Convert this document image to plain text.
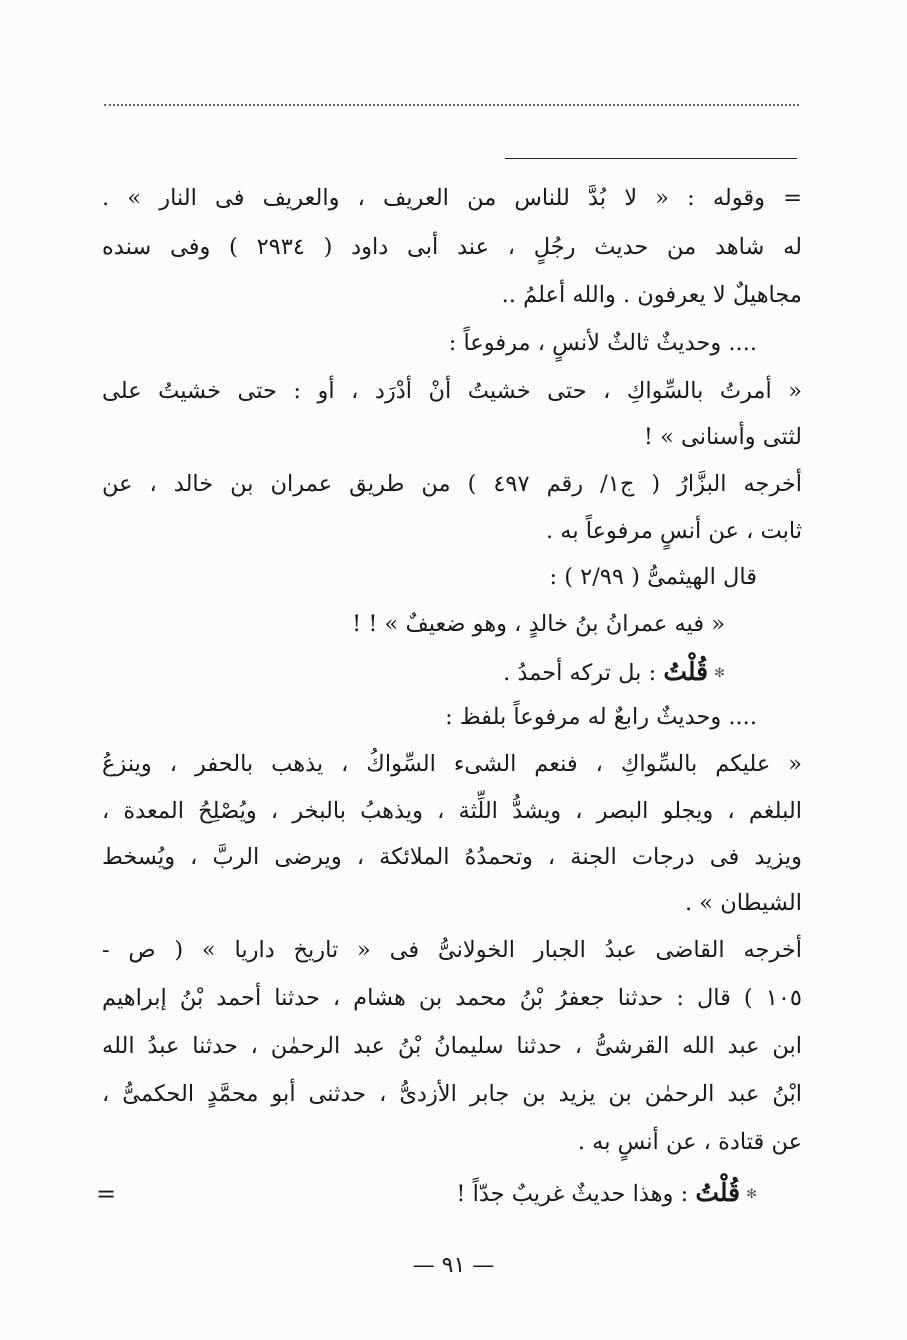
= وقوله : « لا بُدَّ للناس من العريف ، والعريف فى النار » .
له شاهد من حديث رجُلٍ ، عند أبى داود ( ٢٩٣٤ ) وفى سنده
مجاهيلٌ لا يعرفون . والله أعلمُ ..
.... وحديثٌ ثالثٌ لأنسٍ ، مرفوعاً :
« أمرتُ بالسِّواكِ ، حتى خشيتُ أنْ أدْرَد ، أو : حتى خشيتُ على
لثتى وأسنانى » !
أخرجه البزَّارُ ( ج١/ رقم ٤٩٧ ) من طريق عمران بن خالد ، عن
ثابت ، عن أنسٍ مرفوعاً به .
قال الهيثمىُّ ( ٢/٩٩ ) :
« فيه عمرانُ بنُ خالدٍ ، وهو ضعيفٌ » ! !
✻قُلْتُ : بل تركه أحمدُ .
.... وحديثٌ رابعٌ له مرفوعاً بلفظ :
« عليكم بالسِّواكِ ، فنعم الشىء السِّواكُ ، يذهب بالحفر ، وينزعُ
البلغم ، ويجلو البصر ، ويشدُّ اللِّثة ، ويذهبُ بالبخر ، ويُصْلِحُ المعدة ،
ويزيد فى درجات الجنة ، وتحمدُهُ الملائكة ، ويرضى الربَّ ، ويُسخط
الشيطان » .
أخرجه القاضى عبدُ الجبار الخولانىُّ فى « تاريخ داريا » ( ص -
١٠٥ ) قال : حدثنا جعفرُ بْنُ محمد بن هشام ، حدثنا أحمد بْنُ إبراهيم
ابن عبد الله القرشىُّ ، حدثنا سليمانُ بْنُ عبد الرحمٰن ، حدثنا عبدُ الله
ابْنُ عبد الرحمٰن بن يزيد بن جابر الأزدىُّ ، حدثنى أبو محمَّدٍ الحكمىُّ ،
عن قتادة ، عن أنسٍ به .
✻قُلْتُ : وهذا حديثٌ غريبٌ جدّاً !
=
— ٩١ —
